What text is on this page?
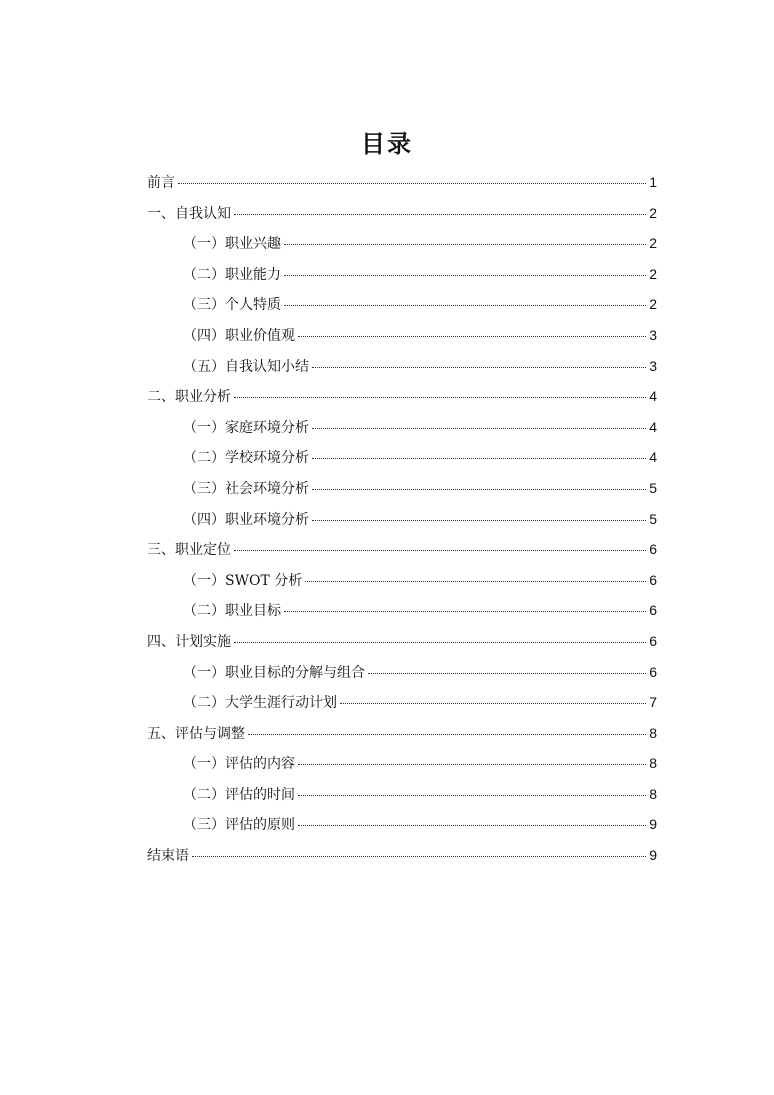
目录
前言	1
一、自我认知	2
（一）职业兴趣	2
（二）职业能力	2
（三）个人特质	2
（四）职业价值观	3
（五）自我认知小结	3
二、职业分析	4
（一）家庭环境分析	4
（二）学校环境分析	4
（三）社会环境分析	5
（四）职业环境分析	5
三、职业定位	6
（一）SWOT 分析	6
（二）职业目标	6
四、计划实施	6
（一）职业目标的分解与组合	6
（二）大学生涯行动计划	7
五、评估与调整	8
（一）评估的内容	8
（二）评估的时间	8
（三）评估的原则	9
结束语	9
